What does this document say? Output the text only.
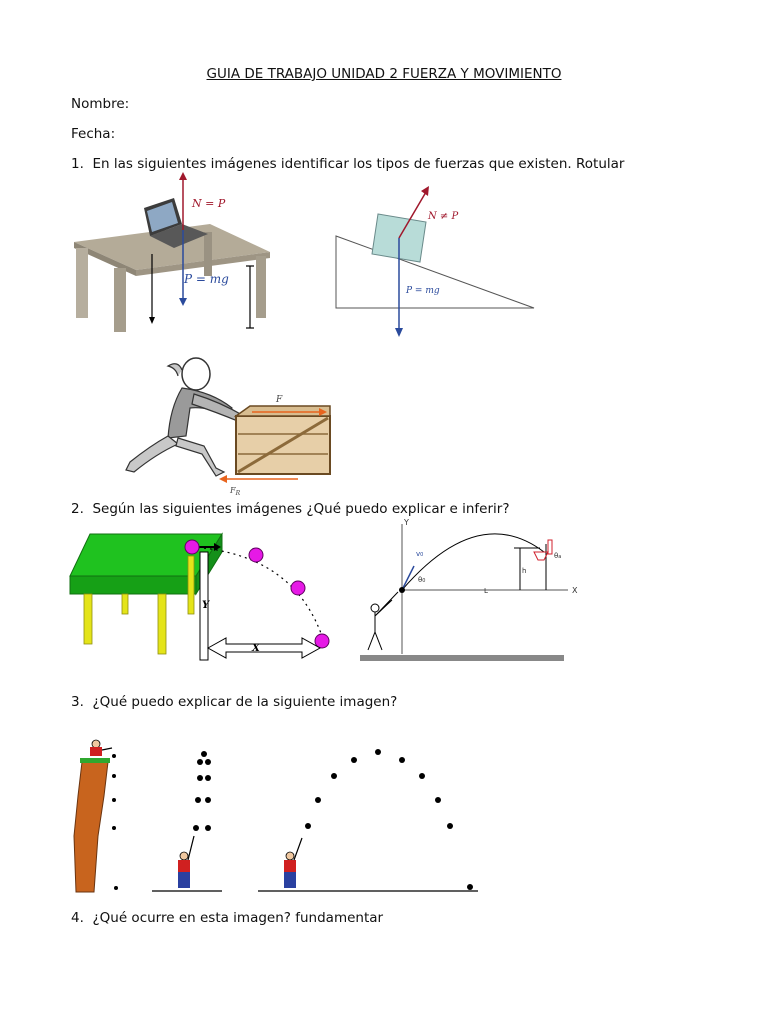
GUIA DE TRABAJO UNIDAD 2 FUERZA Y MOVIMIENTO
Nombre:
Fecha:
1. En las siguientes imágenes identificar los tipos de fuerzas que existen. Rotular
N = P
P = mg
N ≠ P
P = mg
F
$F_R$
2. Según las siguientes imágenes ¿Qué puedo explicar e inferir?
Y
X
Y
X
v0
θ0
h
L
θa
3. ¿Qué puedo explicar de la siguiente imagen?
4. ¿Qué ocurre en esta imagen? fundamentar
